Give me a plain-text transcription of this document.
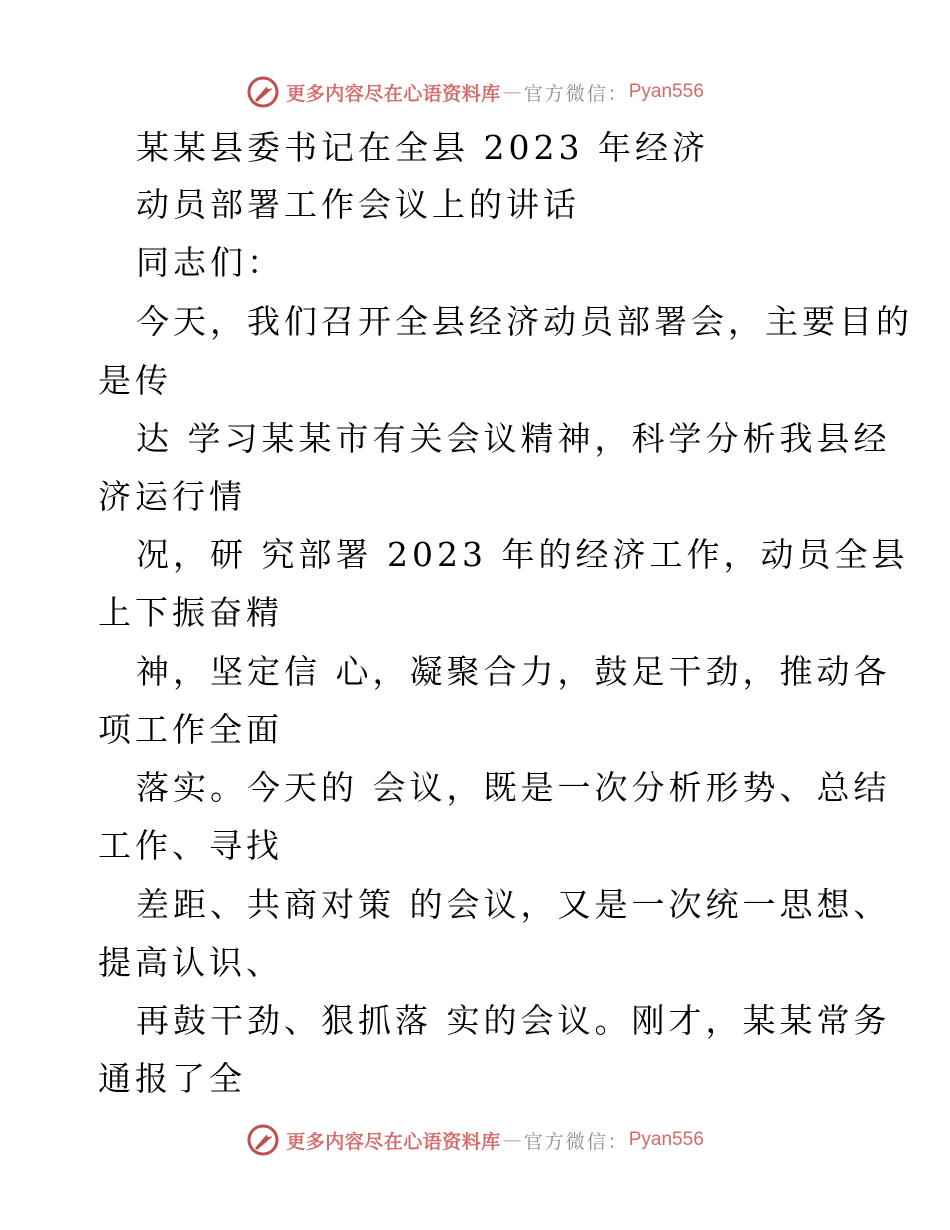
更多内容尽在心语资料库 — 官方微信： Pyan556
某某县委书记在全县 2023 年经济
动员部署工作会议上的讲话
同志们：
今天，我们召开全县经济动员部署会，主要目的
是传
达 学习某某市有关会议精神，科学分析我县经
济运行情
况，研 究部署 2023 年的经济工作，动员全县
上下振奋精
神，坚定信 心，凝聚合力，鼓足干劲，推动各
项工作全面
落实。今天的 会议，既是一次分析形势、总结
工作、寻找
差距、共商对策 的会议，又是一次统一思想、
提高认识、
再鼓干劲、狠抓落 实的会议。刚才，某某常务
通报了全
更多内容尽在心语资料库 — 官方微信： Pyan556
